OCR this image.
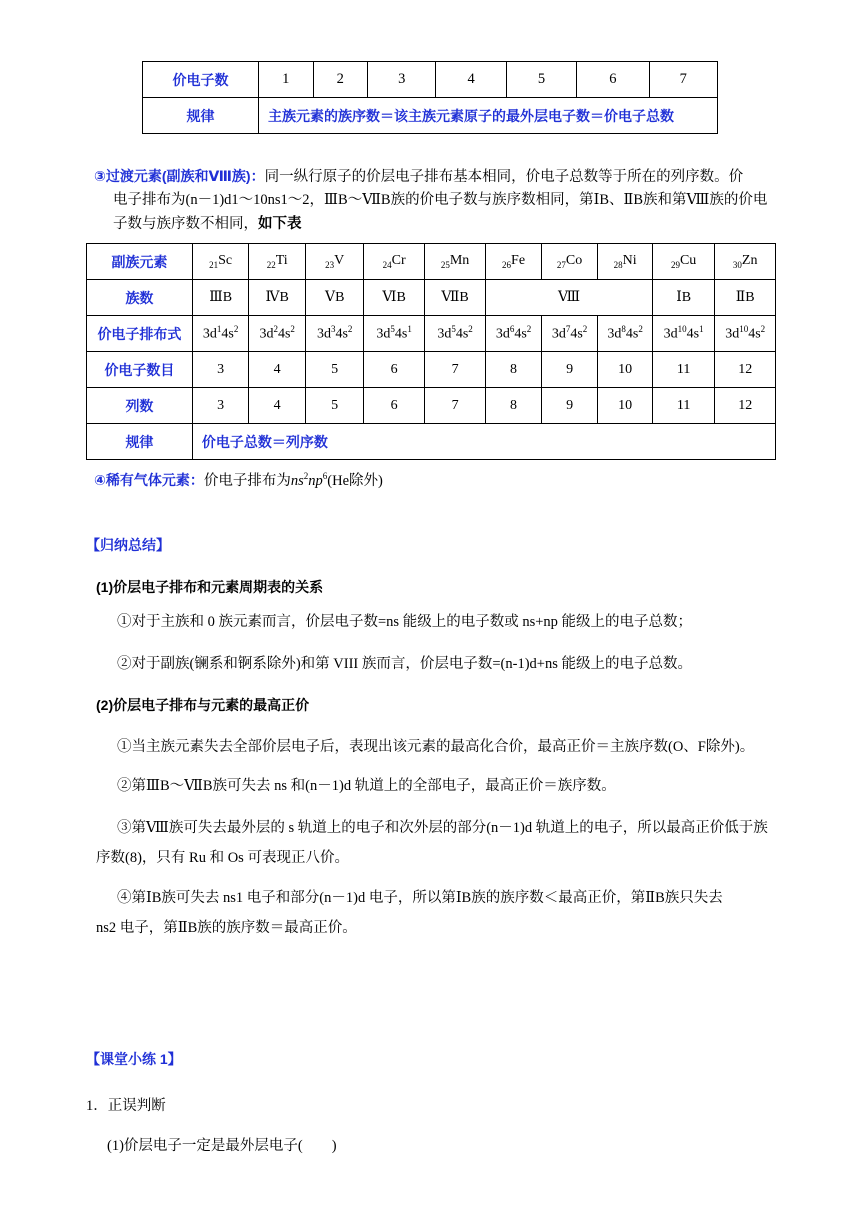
价电子数	1	2	3	4	5	6	7
规律	主族元素的族序数＝该主族元素原子的最外层电子数＝价电子总数						
③过渡元素(副族和Ⅷ族)：同一纵行原子的价层电子排布基本相同，价电子总数等于所在的列序数。价
电子排布为(n－1)d1～10ns1～2，ⅢB～ⅦB族的价电子数与族序数相同，第ⅠB、ⅡB族和第Ⅷ族的价电
子数与族序数不相同，如下表
副族元素	$_{21}$Sc	$_{22}$Ti	$_{23}$V	$_{24}$Cr	$_{25}$Mn	$_{26}$Fe	$_{27}$Co	$_{28}$Ni	$_{29}$Cu	$_{30}$Zn
族数	ⅢB	ⅣB	ⅤB	ⅥB	ⅦB	Ⅷ			ⅠB	ⅡB
价电子排布式	$3d^14s^2$	$3d^24s^2$	$3d^34s^2$	$3d^54s^1$	$3d^54s^2$	$3d^64s^2$	$3d^74s^2$	$3d^84s^2$	$3d^{10}4s^1$	$3d^{10}4s^2$
价电子数目	3	4	5	6	7	8	9	10	11	12
列数	3	4	5	6	7	8	9	10	11	12
规律	价电子总数＝列序数									
④稀有气体元素：价电子排布为$ns^2np^6(He$除外)
【归纳总结】
(1)价层电子排布和元素周期表的关系
①对于主族和 0 族元素而言，价层电子数=ns 能级上的电子数或 ns+np 能级上的电子总数；
②对于副族(镧系和锕系除外)和第 VIII 族而言，价层电子数=(n-1)d+ns 能级上的电子总数。
(2)价层电子排布与元素的最高正价
①当主族元素失去全部价层电子后，表现出该元素的最高化合价，最高正价＝主族序数(O、F除外)。
②第ⅢB～ⅦB族可失去 ns 和(n－1)d 轨道上的全部电子，最高正价＝族序数。
③第Ⅷ族可失去最外层的 s 轨道上的电子和次外层的部分(n－1)d 轨道上的电子，所以最高正价低于族
序数(8)，只有 Ru 和 Os 可表现正八价。
④第ⅠB族可失去 ns1 电子和部分(n－1)d 电子，所以第ⅠB族的族序数＜最高正价，第ⅡB族只失去
ns2 电子，第ⅡB族的族序数＝最高正价。
【课堂小练 1】
1．正误判断
(1)价层电子一定是最外层电子(　　)
